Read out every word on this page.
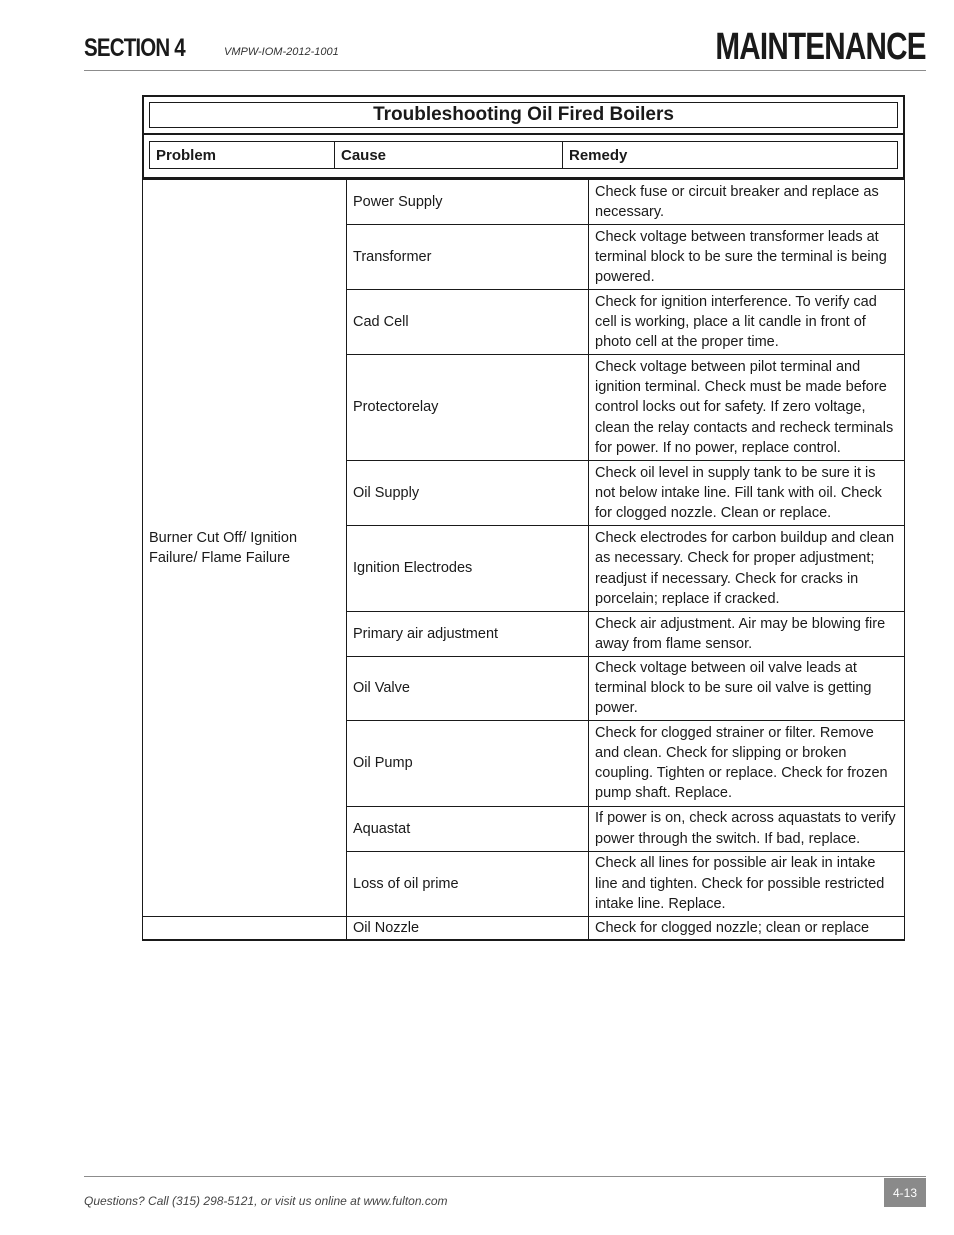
SECTION 4	VMPW-IOM-2012-1001	MAINTENANCE
Troubleshooting Oil Fired Boilers
Problem	Cause	Remedy
Burner Cut Off/ Ignition Failure/ Flame Failure	Power Supply	Check fuse or circuit breaker and replace as necessary.
	Transformer	Check voltage between transformer leads at terminal block to be sure the terminal is being powered.
	Cad Cell	Check for ignition interference. To verify cad cell is working, place a lit candle in front of photo cell at the proper time.
	Protectorelay	Check voltage between pilot terminal and ignition terminal. Check must be made before control locks out for safety. If zero voltage, clean the relay contacts and recheck terminals for power. If no power, replace control.
	Oil Supply	Check oil level in supply tank to be sure it is not below intake line. Fill tank with oil. Check for clogged nozzle. Clean or replace.
	Ignition Electrodes	Check electrodes for carbon buildup and clean as necessary. Check for proper adjustment; readjust if necessary. Check for cracks in porcelain; replace if cracked.
	Primary air adjustment	Check air adjustment. Air may be blowing fire away from flame sensor.
	Oil Valve	Check voltage between oil valve leads at terminal block to be sure oil valve is getting power.
	Oil Pump	Check for clogged strainer or filter. Remove and clean. Check for slipping or broken coupling. Tighten or replace. Check for frozen pump shaft. Replace.
	Aquastat	If power is on, check across aquastats to verify power through the switch. If bad, replace.
	Loss of oil prime	Check all lines for possible air leak in intake line and tighten. Check for possible restricted intake line. Replace.
	Oil Nozzle	Check for clogged nozzle; clean or replace
Questions? Call (315) 298-5121, or visit us online at www.fulton.com
4-13
